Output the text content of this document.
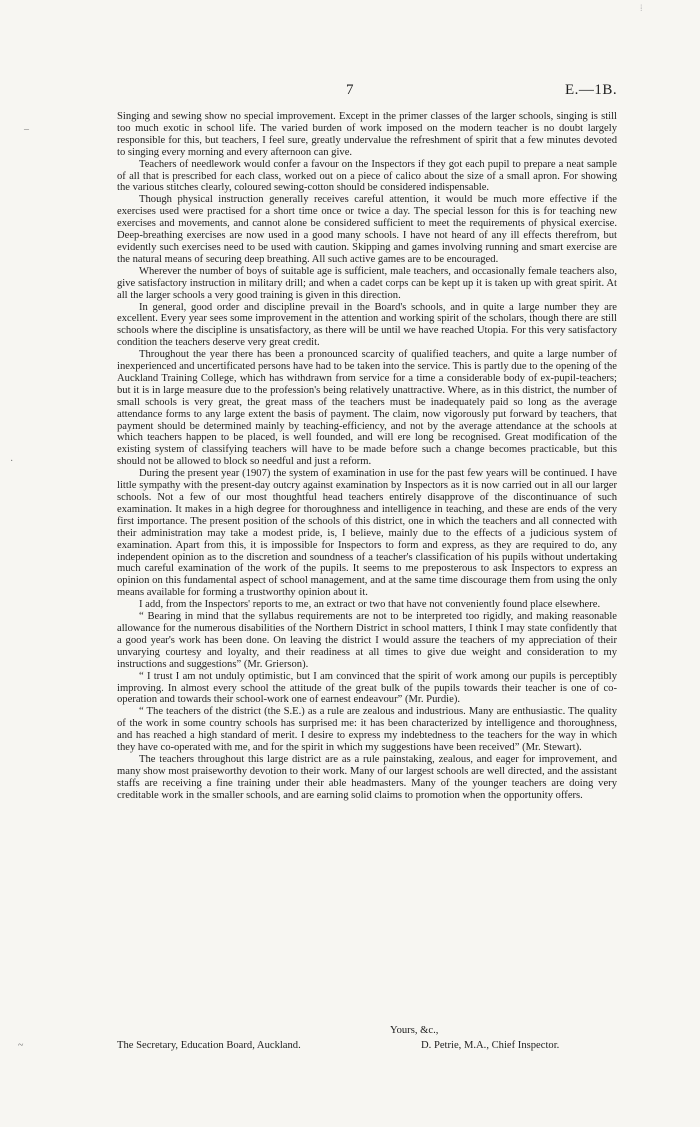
7	E.—1B.
⁞
–
·
~

Singing and sewing show no special improvement. Except in the primer classes of the larger schools, singing is still too much exotic in school life. The varied burden of work imposed on the modern teacher is no doubt largely responsible for this, but teachers, I feel sure, greatly undervalue the refreshment of spirit that a few minutes devoted to singing every morning and every afternoon can give.

Teachers of needlework would confer a favour on the Inspectors if they got each pupil to prepare a neat sample of all that is prescribed for each class, worked out on a piece of calico about the size of a small apron. For showing the various stitches clearly, coloured sewing-cotton should be considered indispensable.

Though physical instruction generally receives careful attention, it would be much more effective if the exercises used were practised for a short time once or twice a day. The special lesson for this is for teaching new exercises and movements, and cannot alone be considered sufficient to meet the requirements of physical exercise. Deep-breathing exercises are now used in a good many schools. I have not heard of any ill effects therefrom, but evidently such exercises need to be used with caution. Skipping and games involving running and smart exercise are the natural means of securing deep breathing. All such active games are to be encouraged.

Wherever the number of boys of suitable age is sufficient, male teachers, and occasionally female teachers also, give satisfactory instruction in military drill; and when a cadet corps can be kept up it is taken up with great spirit. At all the larger schools a very good training is given in this direction.

In general, good order and discipline prevail in the Board's schools, and in quite a large number they are excellent. Every year sees some improvement in the attention and working spirit of the scholars, though there are still schools where the discipline is unsatisfactory, as there will be until we have reached Utopia. For this very satisfactory condition the teachers deserve very great credit.

Throughout the year there has been a pronounced scarcity of qualified teachers, and quite a large number of inexperienced and uncertificated persons have had to be taken into the service. This is partly due to the opening of the Auckland Training College, which has withdrawn from service for a time a considerable body of ex-pupil-teachers; but it is in large measure due to the profession's being relatively unattractive. Where, as in this district, the number of small schools is very great, the great mass of the teachers must be inadequately paid so long as the average attendance forms to any large extent the basis of payment. The claim, now vigorously put forward by teachers, that payment should be determined mainly by teaching-efficiency, and not by the average attendance at the schools at which teachers happen to be placed, is well founded, and will ere long be recognised. Great modification of the existing system of classifying teachers will have to be made before such a change becomes practicable, but this should not be allowed to block so needful and just a reform.

During the present year (1907) the system of examination in use for the past few years will be continued. I have little sympathy with the present-day outcry against examination by Inspectors as it is now carried out in all our larger schools. Not a few of our most thoughtful head teachers entirely disapprove of the discontinuance of such examination. It makes in a high degree for thoroughness and intelligence in teaching, and these are ends of the very first importance. The present position of the schools of this district, one in which the teachers and all connected with their administration may take a modest pride, is, I believe, mainly due to the effects of a judicious system of examination. Apart from this, it is impossible for Inspectors to form and express, as they are required to do, any independent opinion as to the discretion and soundness of a teacher's classification of his pupils without undertaking much careful examination of the work of the pupils. It seems to me preposterous to ask Inspectors to express an opinion on this fundamental aspect of school management, and at the same time discourage them from using the only means available for forming a trustworthy opinion about it.

I add, from the Inspectors' reports to me, an extract or two that have not conveniently found place elsewhere.

“ Bearing in mind that the syllabus requirements are not to be interpreted too rigidly, and making reasonable allowance for the numerous disabilities of the Northern District in school matters, I think I may state confidently that a good year's work has been done. On leaving the district I would assure the teachers of my appreciation of their unvarying courtesy and loyalty, and their readiness at all times to give due weight and consideration to my instructions and suggestions” (Mr. Grierson).

“ I trust I am not unduly optimistic, but I am convinced that the spirit of work among our pupils is perceptibly improving. In almost every school the attitude of the great bulk of the pupils towards their teacher is one of co-operation and towards their school-work one of earnest endeavour” (Mr. Purdie).

“ The teachers of the district (the S.E.) as a rule are zealous and industrious. Many are enthusiastic. The quality of the work in some country schools has surprised me: it has been characterized by intelligence and thoroughness, and has reached a high standard of merit. I desire to express my indebtedness to the teachers for the way in which they have co-operated with me, and for the spirit in which my suggestions have been received” (Mr. Stewart).

The teachers throughout this large district are as a rule painstaking, zealous, and eager for improvement, and many show most praiseworthy devotion to their work. Many of our largest schools are well directed, and the assistant staffs are receiving a fine training under their able headmasters. Many of the younger teachers are doing very creditable work in the smaller schools, and are earning solid claims to promotion when the opportunity offers.

Yours, &c.,
The Secretary, Education Board, Auckland.	D. Petrie, M.A., Chief Inspector.
